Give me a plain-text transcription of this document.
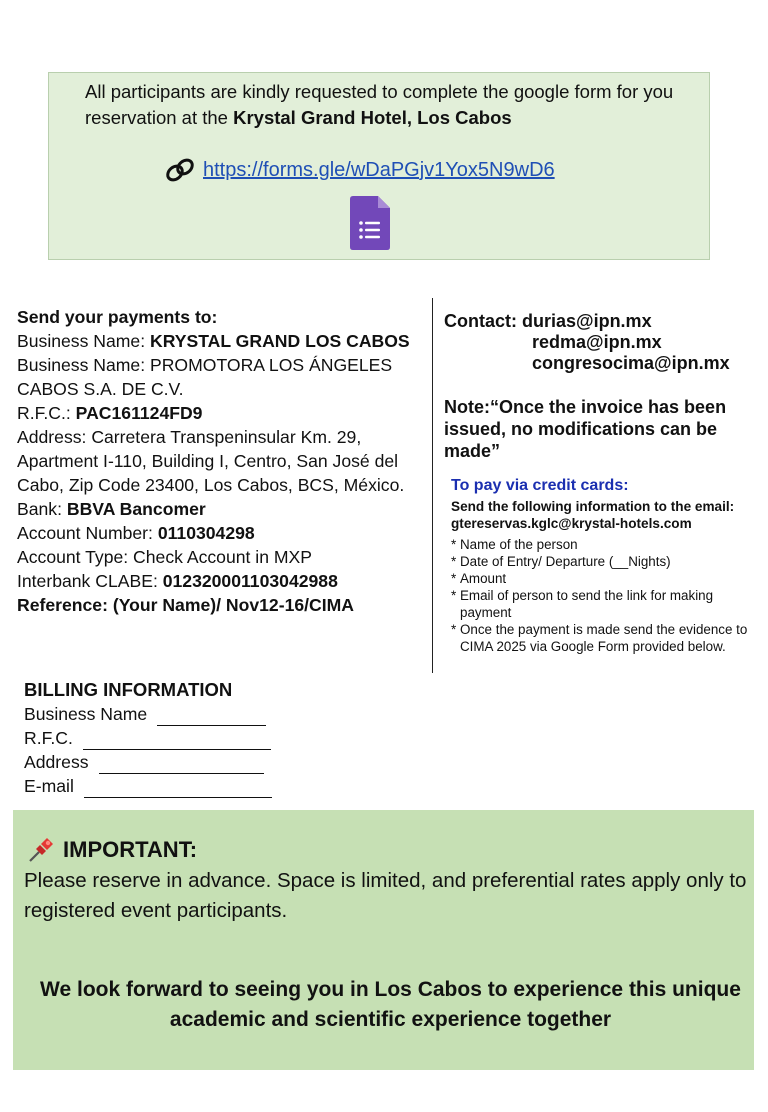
All participants are kindly requested to complete the google form for you reservation at the Krystal Grand Hotel, Los Cabos
https://forms.gle/wDaPGjv1Yox5N9wD6
Send your payments to:
Business Name: KRYSTAL GRAND LOS CABOS
Business Name: PROMOTORA LOS ÁNGELES CABOS S.A. DE C.V.
R.F.C.: PAC161124FD9
Address: Carretera Transpeninsular Km. 29, Apartment I-110, Building I, Centro, San José del Cabo, Zip Code 23400, Los Cabos, BCS, México.
Bank: BBVA Bancomer
Account Number: 0110304298
Account Type: Check Account in MXP
Interbank CLABE: 012320001103042988
Reference: (Your Name)/ Nov12-16/CIMA
Contact: durias@ipn.mx
redma@ipn.mx
congresocima@ipn.mx
Note:“Once the invoice has been issued, no modifications can be made”
To pay via credit cards:
Send the following information to the email: gtereservas.kglc@krystal-hotels.com
* Name of the person
* Date of Entry/ Departure (__Nights)
* Amount
* Email of person to send the link for making payment
* Once the payment is made send the evidence to CIMA 2025 via Google Form provided below.
BILLING INFORMATION
Business Name
R.F.C.
Address
E-mail
IMPORTANT:
Please reserve in advance. Space is limited, and preferential rates apply only to registered event participants.
We look forward to seeing you in Los Cabos to experience this unique academic and scientific experience together
